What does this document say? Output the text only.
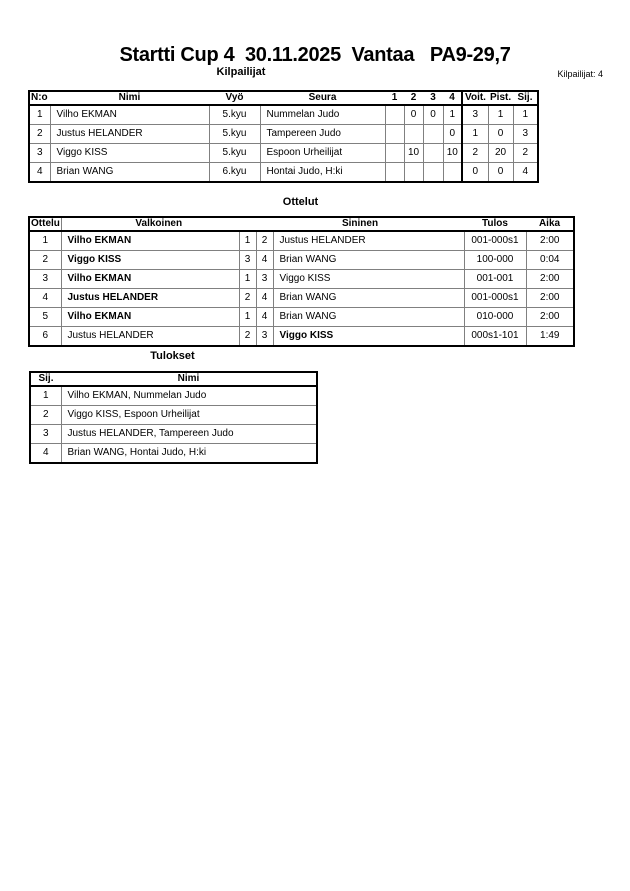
Startti Cup 4  30.11.2025  Vantaa   PA9-29,7
Kilpailijat	Kilpailijat: 4
N:o	Nimi	Vyö	Seura	1	2	3	4	Voit.	Pist.	Sij.
1	Vilho EKMAN	5.kyu	Nummelan Judo		0	0	1	3	1	1
2	Justus HELANDER	5.kyu	Tampereen Judo				0	1	0	3
3	Viggo KISS	5.kyu	Espoon Urheilijat		10		10	2	20	2
4	Brian WANG	6.kyu	Hontai Judo, H:ki					0	0	4
Ottelut
Ottelu	Valkoinen		Sininen		Tulos	Aika
1	Vilho EKMAN	1	2	Justus HELANDER	001-000s1	2:00
2	Viggo KISS	3	4	Brian WANG	100-000	0:04
3	Vilho EKMAN	1	3	Viggo KISS	001-001	2:00
4	Justus HELANDER	2	4	Brian WANG	001-000s1	2:00
5	Vilho EKMAN	1	4	Brian WANG	010-000	2:00
6	Justus HELANDER	2	3	Viggo KISS	000s1-101	1:49
Tulokset
Sij.	Nimi
1	Vilho EKMAN, Nummelan Judo
2	Viggo KISS, Espoon Urheilijat
3	Justus HELANDER, Tampereen Judo
4	Brian WANG, Hontai Judo, H:ki
